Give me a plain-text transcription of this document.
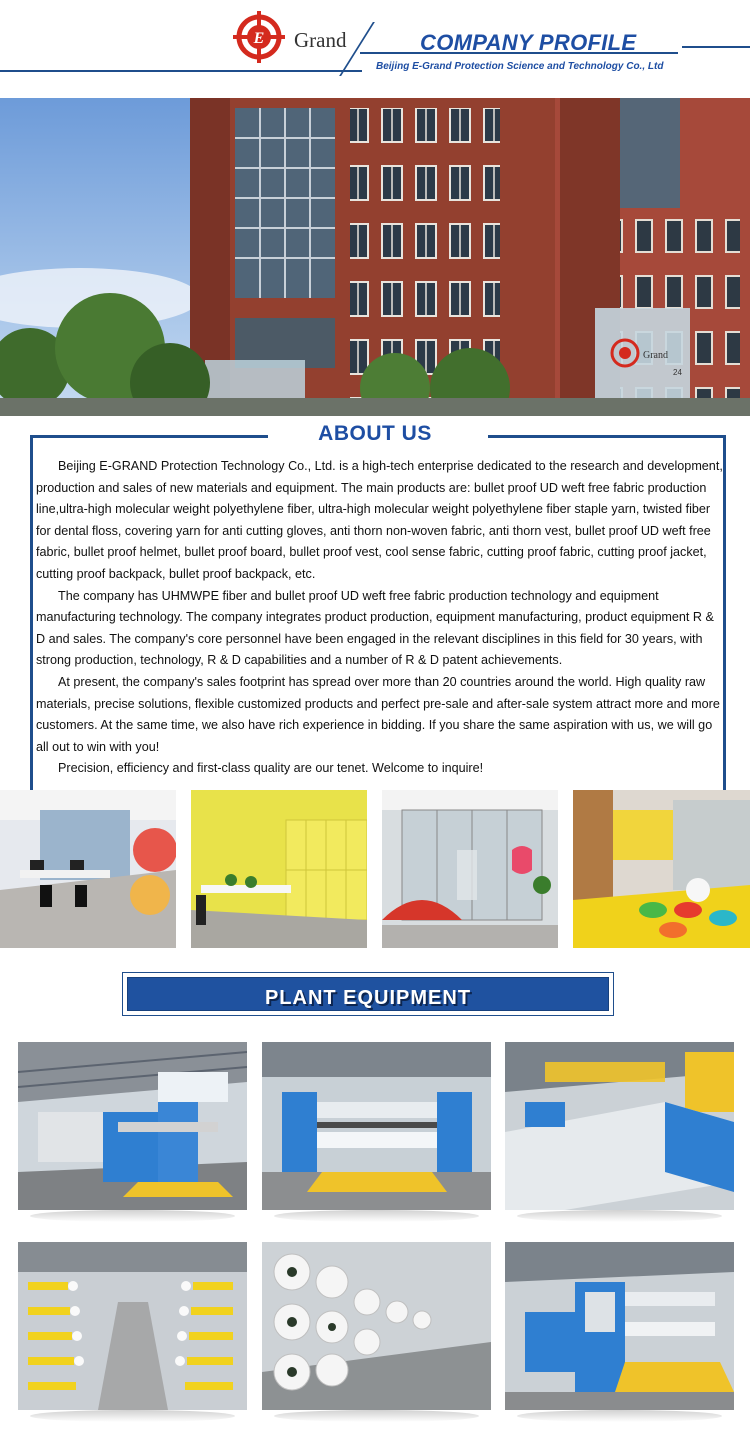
E Grand	COMPANY PROFILE
Beijing E-Grand Protection Science and Technology Co., Ltd
Grand
24
ABOUT US

Beijing E-GRAND Protection Technology Co., Ltd. is a high-tech enterprise dedicated to the research and development, production and sales of new materials and equipment. The main products are: bullet proof UD weft free fabric production line,ultra-high molecular weight polyethylene fiber, ultra-high molecular weight polyethylene fiber staple yarn, twisted fiber for dental floss, covering yarn for anti cutting gloves, anti thorn non-woven fabric, anti thorn vest, bullet proof UD weft free fabric, bullet proof helmet, bullet proof board, bullet proof vest, cool sense fabric, cutting proof fabric, cutting proof jacket, cutting proof backpack, bullet proof backpack, etc.

The company has UHMWPE fiber and bullet proof UD weft free fabric production technology and equipment manufacturing technology. The company integrates product production, equipment manufacturing, product equipment R & D and sales. The company's core personnel have been engaged in the relevant disciplines in this field for 30 years, with strong production, technology, R & D capabilities and a number of R & D patent achievements.

At present, the company's sales footprint has spread over more than 20 countries around the world. High quality raw materials, precise solutions, flexible customized products and perfect pre-sale and after-sale system attract more and more customers. At the same time, we also have rich experience in bidding. If you share the same aspiration with us, we will go all out to win with you!

Precision, efficiency and first-class quality are our tenet. Welcome to inquire!

PLANT EQUIPMENT
